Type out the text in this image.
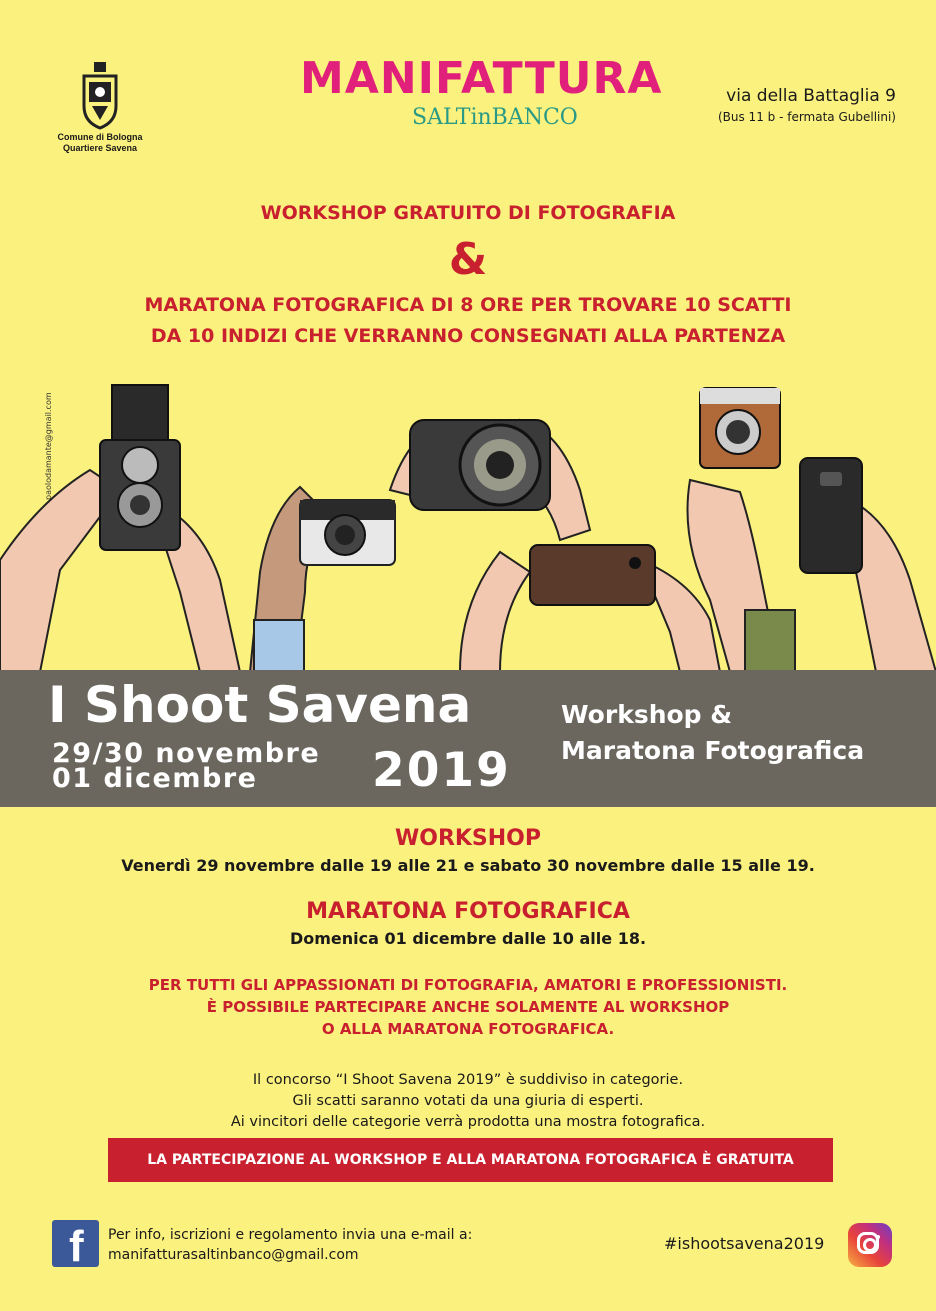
Comune di Bologna
Quartiere Savena
MANIFATTURA
SALTinBANCO
via della Battaglia 9
(Bus 11 b - fermata Gubellini)
WORKSHOP GRATUITO DI FOTOGRAFIA
&
MARATONA FOTOGRAFICA DI 8 ORE PER TROVARE 10 SCATTI
DA 10 INDIZI CHE VERRANNO CONSEGNATI ALLA PARTENZA
paolodamante@gmail.com
I Shoot Savena
29/30 novembre
01 dicembre 2019
Workshop &
Maratona Fotografica
WORKSHOP
Venerdì 29 novembre dalle 19 alle 21 e sabato 30 novembre dalle 15 alle 19.
MARATONA FOTOGRAFICA
Domenica 01 dicembre dalle 10 alle 18.
PER TUTTI GLI APPASSIONATI DI FOTOGRAFIA, AMATORI E PROFESSIONISTI.
È POSSIBILE PARTECIPARE ANCHE SOLAMENTE AL WORKSHOP
O ALLA MARATONA FOTOGRAFICA.
Il concorso “I Shoot Savena 2019” è suddiviso in categorie.
Gli scatti saranno votati da una giuria di esperti.
Ai vincitori delle categorie verrà prodotta una mostra fotografica.
LA PARTECIPAZIONE AL WORKSHOP E ALLA MARATONA FOTOGRAFICA È GRATUITA
f Per info, iscrizioni e regolamento invia una e-mail a:
manifatturasaltinbanco@gmail.com
#ishootsavena2019
